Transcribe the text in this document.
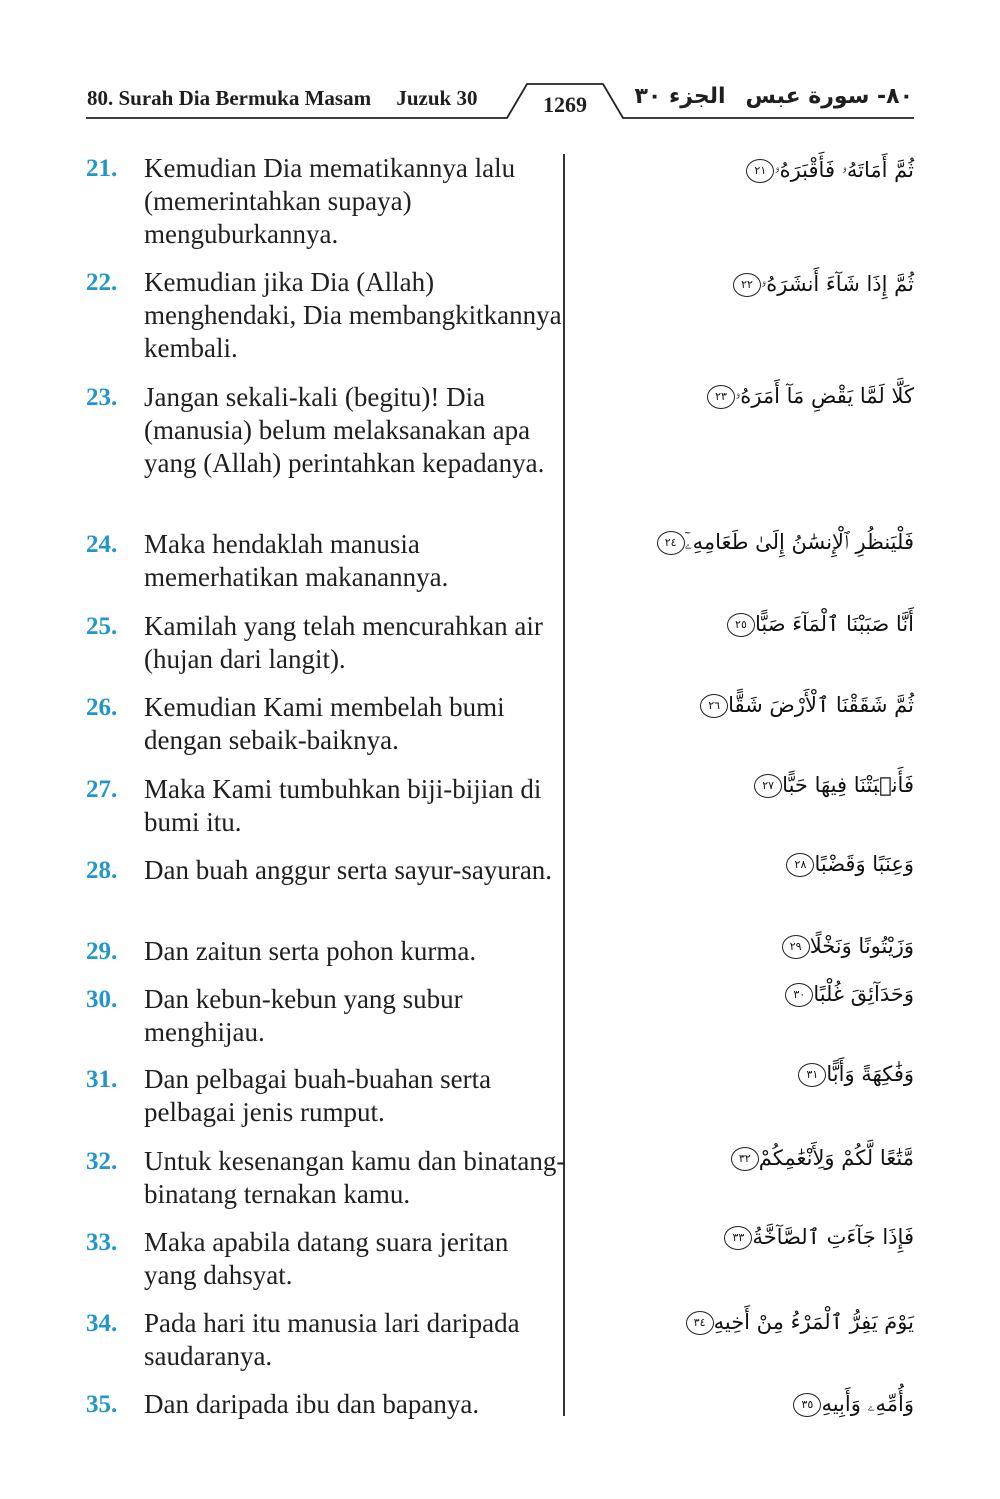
80. Surah Dia Bermuka Masam Juzuk 30	1269	الجزء ٣٠ ٨٠- سورة عبس
21. Kemudian Dia mematikannya lalu (memerintahkan supaya) menguburkannya.
ثُمَّ أَمَاتَهُۥ فَأَقْبَرَهُۥ٢١
22. Kemudian jika Dia (Allah) menghendaki, Dia membangkitkannya kembali.
ثُمَّ إِذَا شَآءَ أَنشَرَهُۥ٢٢
23. Jangan sekali-kali (begitu)! Dia (manusia) belum melaksanakan apa yang (Allah) perintahkan kepadanya.
كَلَّا لَمَّا يَقْضِ مَآ أَمَرَهُۥ٢٣
24. Maka hendaklah manusia memerhatikan makanannya.
فَلْيَنظُرِ ٱلْإِنسَٰنُ إِلَىٰ طَعَامِهِۦٓ٢٤
25. Kamilah yang telah mencurahkan air (hujan dari langit).
أَنَّا صَبَبْنَا ٱلْمَآءَ صَبًّا٢٥
26. Kemudian Kami membelah bumi dengan sebaik-baiknya.
ثُمَّ شَقَقْنَا ٱلْأَرْضَ شَقًّا٢٦
27. Maka Kami tumbuhkan biji-bijian di bumi itu.
فَأَنۢبَتْنَا فِيهَا حَبًّا٢٧
28. Dan buah anggur serta sayur-sayuran.	وَعِنَبًا وَقَضْبًا٢٨
29. Dan zaitun serta pohon kurma.	وَزَيْتُونًا وَنَخْلًا٢٩
30. Dan kebun-kebun yang subur menghijau.
وَحَدَآئِقَ غُلْبًا٣٠
31. Dan pelbagai buah-buahan serta pelbagai jenis rumput.
وَفَٰكِهَةً وَأَبًّا٣١
32. Untuk kesenangan kamu dan binatang-binatang ternakan kamu.
مَّتَٰعًا لَّكُمْ وَلِأَنْعَٰمِكُمْ٣٢
33. Maka apabila datang suara jeritan yang dahsyat.
فَإِذَا جَآءَتِ ٱلصَّآخَّةُ٣٣
34. Pada hari itu manusia lari daripada saudaranya.
يَوْمَ يَفِرُّ ٱلْمَرْءُ مِنْ أَخِيهِ٣٤
35. Dan daripada ibu dan bapanya.	وَأُمِّهِۦ وَأَبِيهِ٣٥
